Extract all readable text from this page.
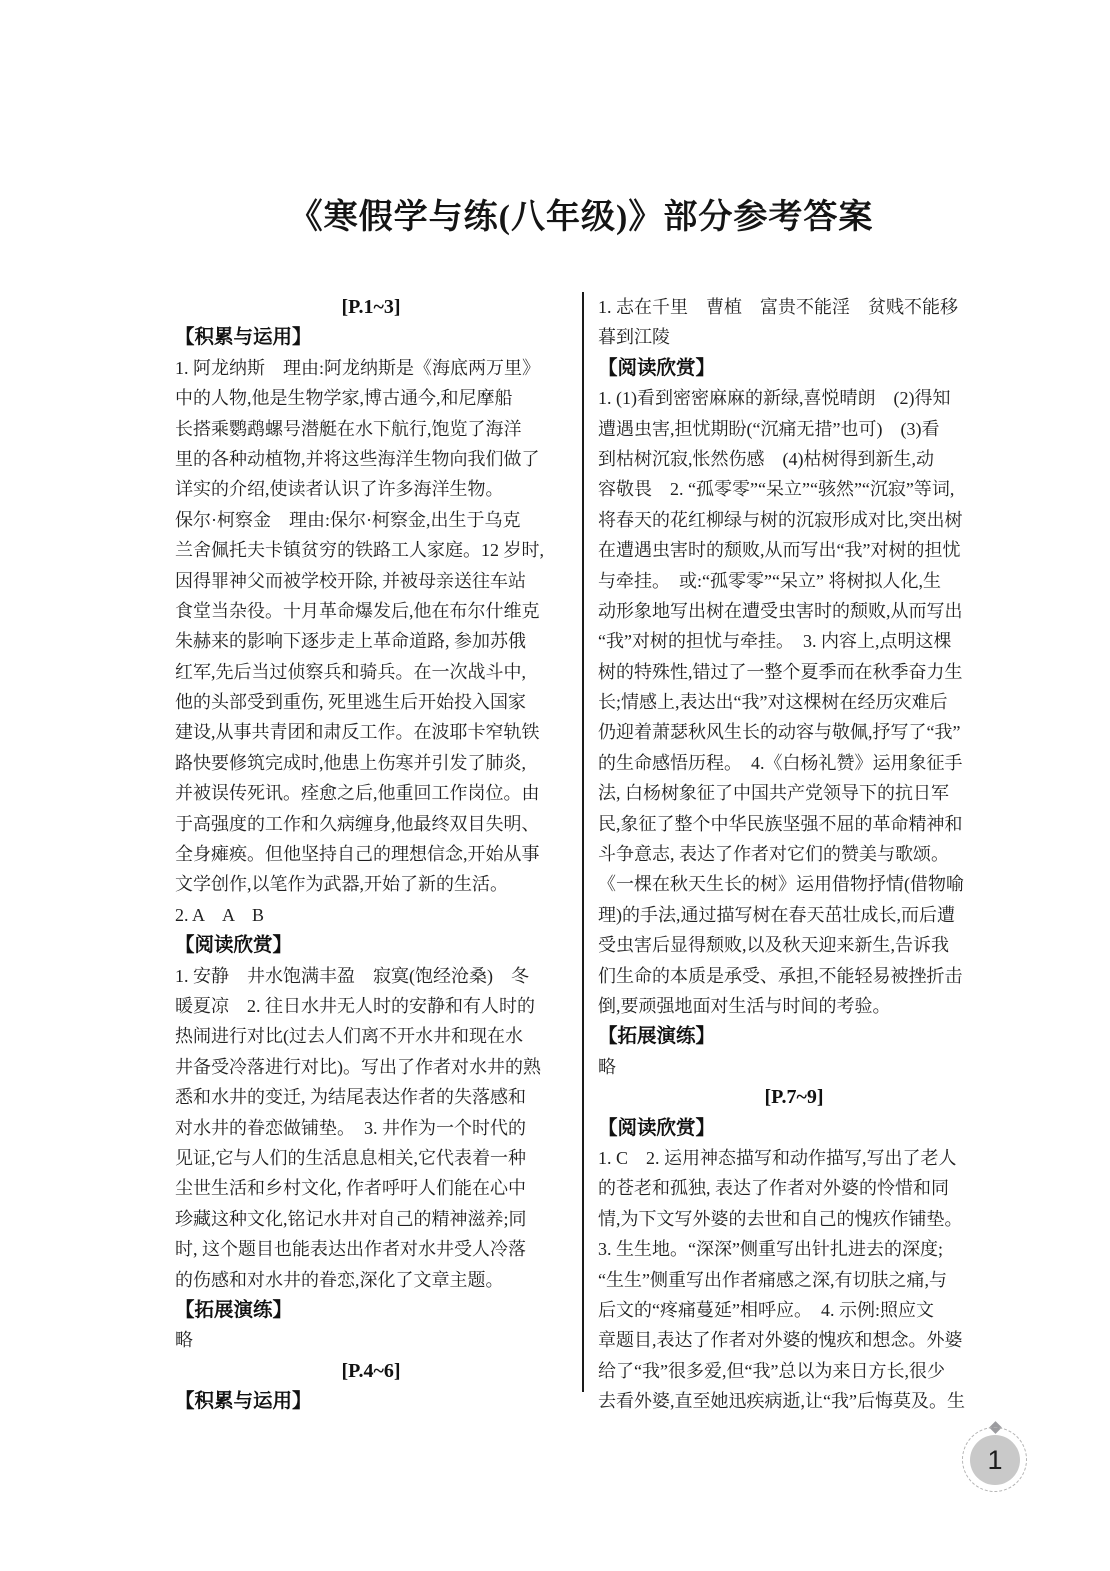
《寒假学与练(八年级)》部分参考答案
[P.1~3]
【积累与运用】
1. 阿龙纳斯　理由:阿龙纳斯是《海底两万里》
中的人物,他是生物学家,博古通今,和尼摩船
长搭乘鹦鹉螺号潜艇在水下航行,饱览了海洋
里的各种动植物,并将这些海洋生物向我们做了
详实的介绍,使读者认识了许多海洋生物。
保尔·柯察金　理由:保尔·柯察金,出生于乌克
兰舍佩托夫卡镇贫穷的铁路工人家庭。12 岁时,
因得罪神父而被学校开除, 并被母亲送往车站
食堂当杂役。十月革命爆发后,他在布尔什维克
朱赫来的影响下逐步走上革命道路, 参加苏俄
红军,先后当过侦察兵和骑兵。在一次战斗中,
他的头部受到重伤, 死里逃生后开始投入国家
建设,从事共青团和肃反工作。在波耶卡窄轨铁
路快要修筑完成时,他患上伤寒并引发了肺炎,
并被误传死讯。痊愈之后,他重回工作岗位。由
于高强度的工作和久病缠身,他最终双目失明、
全身瘫痪。但他坚持自己的理想信念,开始从事
文学创作,以笔作为武器,开始了新的生活。
2. A　A　B
【阅读欣赏】
1. 安静　井水饱满丰盈　寂寞(饱经沧桑)　冬
暖夏凉　2. 往日水井无人时的安静和有人时的
热闹进行对比(过去人们离不开水井和现在水
井备受冷落进行对比)。写出了作者对水井的熟
悉和水井的变迁, 为结尾表达作者的失落感和
对水井的眷恋做铺垫。　3. 井作为一个时代的
见证,它与人们的生活息息相关,它代表着一种
尘世生活和乡村文化, 作者呼吁人们能在心中
珍藏这种文化,铭记水井对自己的精神滋养;同
时, 这个题目也能表达出作者对水井受人冷落
的伤感和对水井的眷恋,深化了文章主题。
【拓展演练】
略
[P.4~6]
【积累与运用】
1. 志在千里　曹植　富贵不能淫　贫贱不能移
暮到江陵
【阅读欣赏】
1. (1)看到密密麻麻的新绿,喜悦晴朗　(2)得知
遭遇虫害,担忧期盼(“沉痛无措”也可)　(3)看
到枯树沉寂,怅然伤感　(4)枯树得到新生,动
容敬畏　2. “孤零零”“呆立”“骇然”“沉寂”等词,
将春天的花红柳绿与树的沉寂形成对比,突出树
在遭遇虫害时的颓败,从而写出“我”对树的担忧
与牵挂。　或:“孤零零”“呆立” 将树拟人化,生
动形象地写出树在遭受虫害时的颓败,从而写出
“我”对树的担忧与牵挂。　3. 内容上,点明这棵
树的特殊性,错过了一整个夏季而在秋季奋力生
长;情感上,表达出“我”对这棵树在经历灾难后
仍迎着萧瑟秋风生长的动容与敬佩,抒写了“我”
的生命感悟历程。　4.《白杨礼赞》运用象征手
法, 白杨树象征了中国共产党领导下的抗日军
民,象征了整个中华民族坚强不屈的革命精神和
斗争意志, 表达了作者对它们的赞美与歌颂。
《一棵在秋天生长的树》运用借物抒情(借物喻
理)的手法,通过描写树在春天茁壮成长,而后遭
受虫害后显得颓败,以及秋天迎来新生,告诉我
们生命的本质是承受、承担,不能轻易被挫折击
倒,要顽强地面对生活与时间的考验。
【拓展演练】
略
[P.7~9]
【阅读欣赏】
1. C　2. 运用神态描写和动作描写,写出了老人
的苍老和孤独, 表达了作者对外婆的怜惜和同
情,为下文写外婆的去世和自己的愧疚作铺垫。
3. 生生地。“深深”侧重写出针扎进去的深度;
“生生”侧重写出作者痛感之深,有切肤之痛,与
后文的“疼痛蔓延”相呼应。　4. 示例:照应文
章题目,表达了作者对外婆的愧疚和想念。外婆
给了“我”很多爱,但“我”总以为来日方长,很少
去看外婆,直至她迅疾病逝,让“我”后悔莫及。生
1
